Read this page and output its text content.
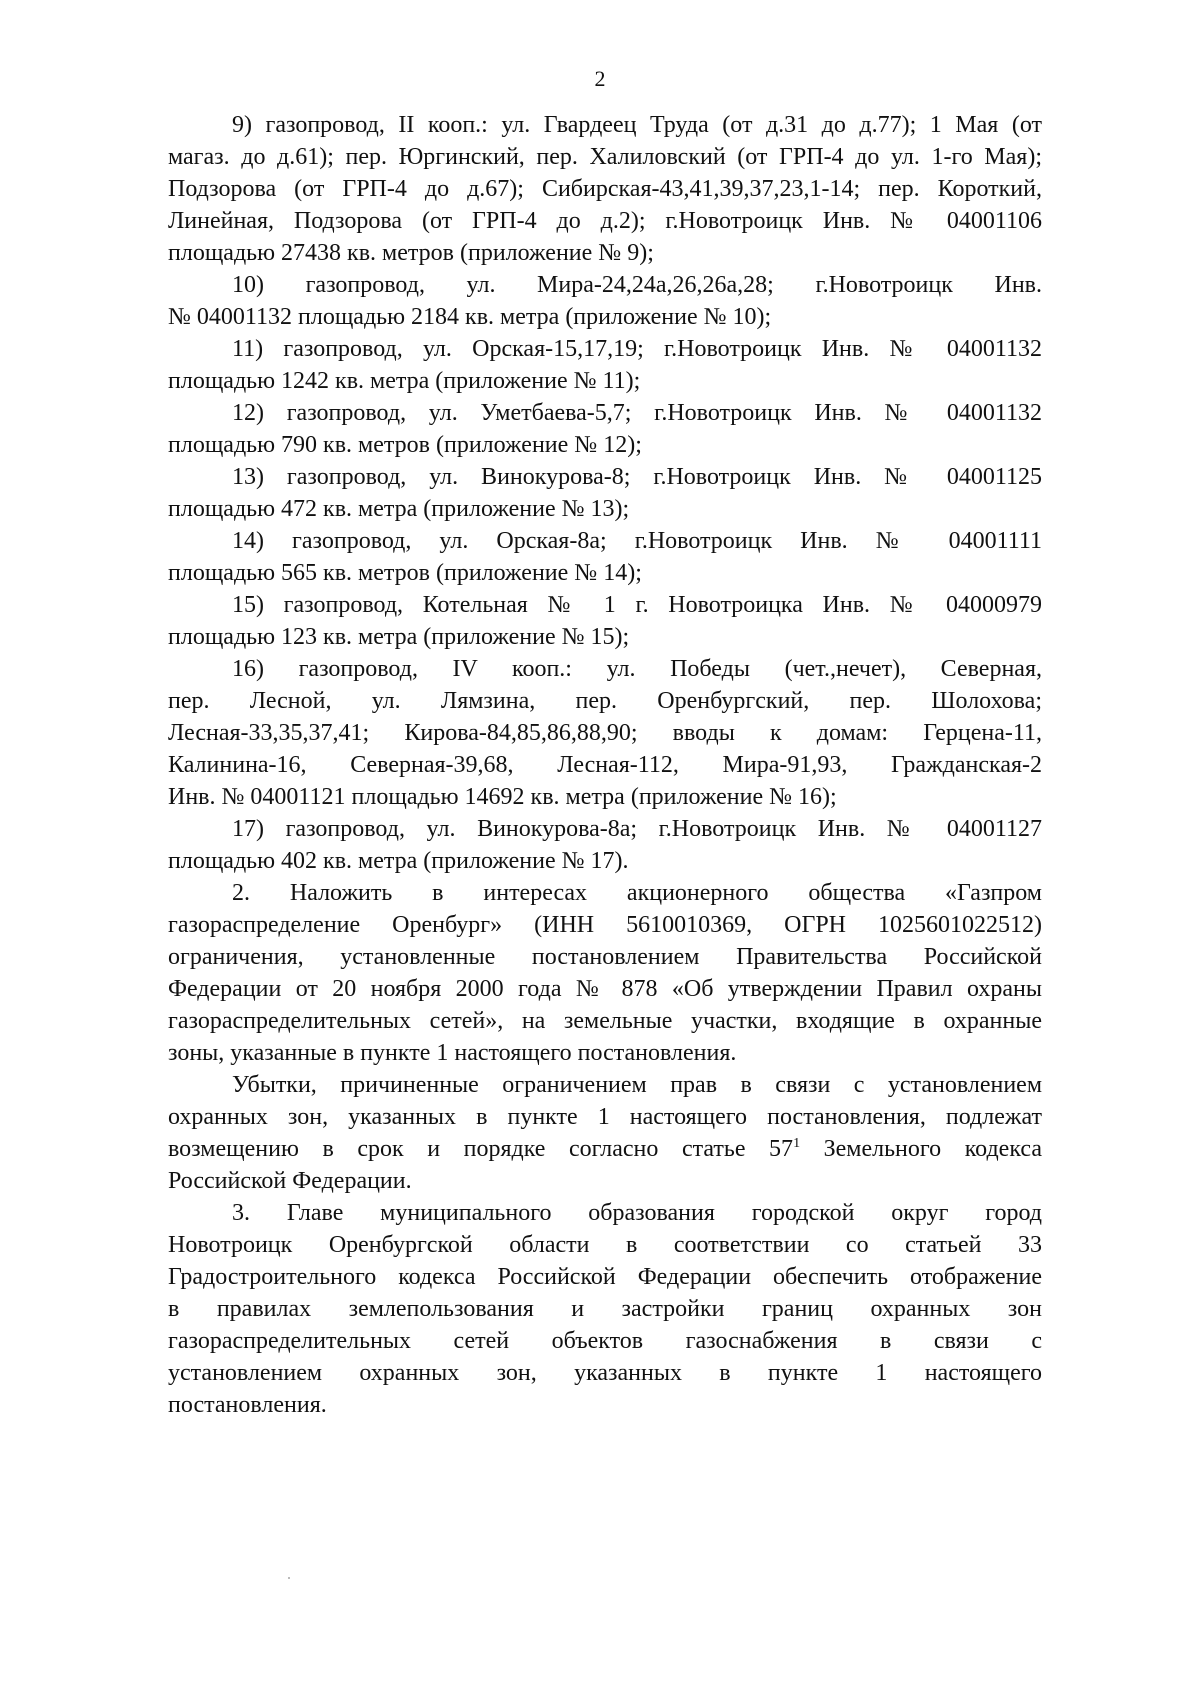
2
9) газопровод, II кооп.: ул. Гвардеец Труда (от д.31 до д.77); 1 Мая (от
магаз. до д.61); пер. Юргинский, пер. Халиловский (от ГРП-4 до ул. 1-го Мая);
Подзорова (от ГРП-4 до д.67); Сибирская-43,41,39,37,23,1-14; пер. Короткий,
Линейная, Подзорова (от ГРП-4 до д.2); г.Новотроицк Инв. № 04001106
площадью 27438 кв. метров (приложение № 9);
10) газопровод, ул. Мира-24,24а,26,26а,28; г.Новотроицк Инв.
№ 04001132 площадью 2184 кв. метра (приложение № 10);
11) газопровод, ул. Орская-15,17,19; г.Новотроицк Инв. № 04001132
площадью 1242 кв. метра (приложение № 11);
12) газопровод, ул. Уметбаева-5,7; г.Новотроицк Инв. № 04001132
площадью 790 кв. метров (приложение № 12);
13) газопровод, ул. Винокурова-8; г.Новотроицк Инв. № 04001125
площадью 472 кв. метра (приложение № 13);
14) газопровод, ул. Орская-8а; г.Новотроицк Инв. № 04001111
площадью 565 кв. метров (приложение № 14);
15) газопровод, Котельная № 1 г. Новотроицка Инв. № 04000979
площадью 123 кв. метра (приложение № 15);
16) газопровод, IV кооп.: ул. Победы (чет.,нечет), Северная,
пер. Лесной, ул. Лямзина, пер. Оренбургский, пер. Шолохова;
Лесная-33,35,37,41; Кирова-84,85,86,88,90; вводы к домам: Герцена-11,
Калинина-16, Северная-39,68, Лесная-112, Мира-91,93, Гражданская-2
Инв. № 04001121 площадью 14692 кв. метра (приложение № 16);
17) газопровод, ул. Винокурова-8а; г.Новотроицк Инв. № 04001127
площадью 402 кв. метра (приложение № 17).
2. Наложить в интересах акционерного общества «Газпром
газораспределение Оренбург» (ИНН 5610010369, ОГРН 1025601022512)
ограничения, установленные постановлением Правительства Российской
Федерации от 20 ноября 2000 года № 878 «Об утверждении Правил охраны
газораспределительных сетей», на земельные участки, входящие в охранные
зоны, указанные в пункте 1 настоящего постановления.
Убытки, причиненные ограничением прав в связи с установлением
охранных зон, указанных в пункте 1 настоящего постановления, подлежат
возмещению в срок и порядке согласно статье $57^1$ Земельного кодекса
Российской Федерации.
3. Главе муниципального образования городской округ город
Новотроицк Оренбургской области в соответствии со статьей 33
Градостроительного кодекса Российской Федерации обеспечить отображение
в правилах землепользования и застройки границ охранных зон
газораспределительных сетей объектов газоснабжения в связи с
установлением охранных зон, указанных в пункте 1 настоящего
постановления.
